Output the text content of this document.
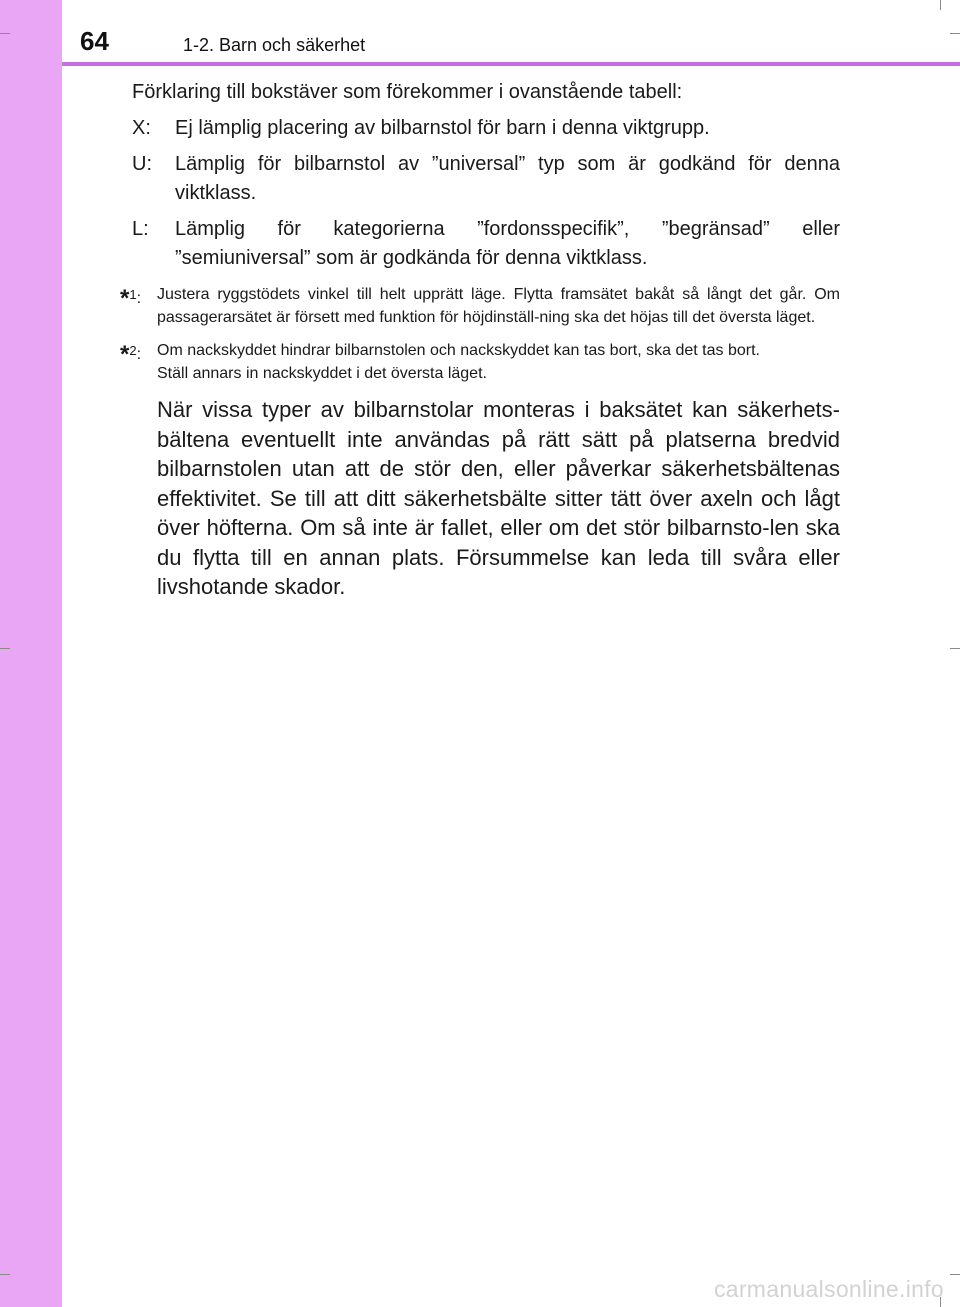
64	1-2. Barn och säkerhet

Förklaring till bokstäver som förekommer i ovanstående tabell:

X:	Ej lämplig placering av bilbarnstol för barn i denna viktgrupp.
U:	Lämplig för bilbarnstol av ”universal” typ som är godkänd för denna viktklass.
L:	Lämplig för kategorierna ”fordonsspecifik”, ”begränsad” eller ”semiuniversal” som är godkända för denna viktklass.
*$^1$: Justera ryggstödets vinkel till helt upprätt läge. Flytta framsätet bakåt så långt det går. Om passagerarsätet är försett med funktion för höjdinställ-ning ska det höjas till det översta läget.
*$^2$: Om nackskyddet hindrar bilbarnstolen och nackskyddet kan tas bort, ska det tas bort.
Ställ annars in nackskyddet i det översta läget.

När vissa typer av bilbarnstolar monteras i baksätet kan säkerhets-bältena eventuellt inte användas på rätt sätt på platserna bredvid bilbarnstolen utan att de stör den, eller påverkar säkerhetsbältenas effektivitet. Se till att ditt säkerhetsbälte sitter tätt över axeln och lågt över höfterna. Om så inte är fallet, eller om det stör bilbarnsto-len ska du flytta till en annan plats. Försummelse kan leda till svåra eller livshotande skador.

carmanualsonline.info
